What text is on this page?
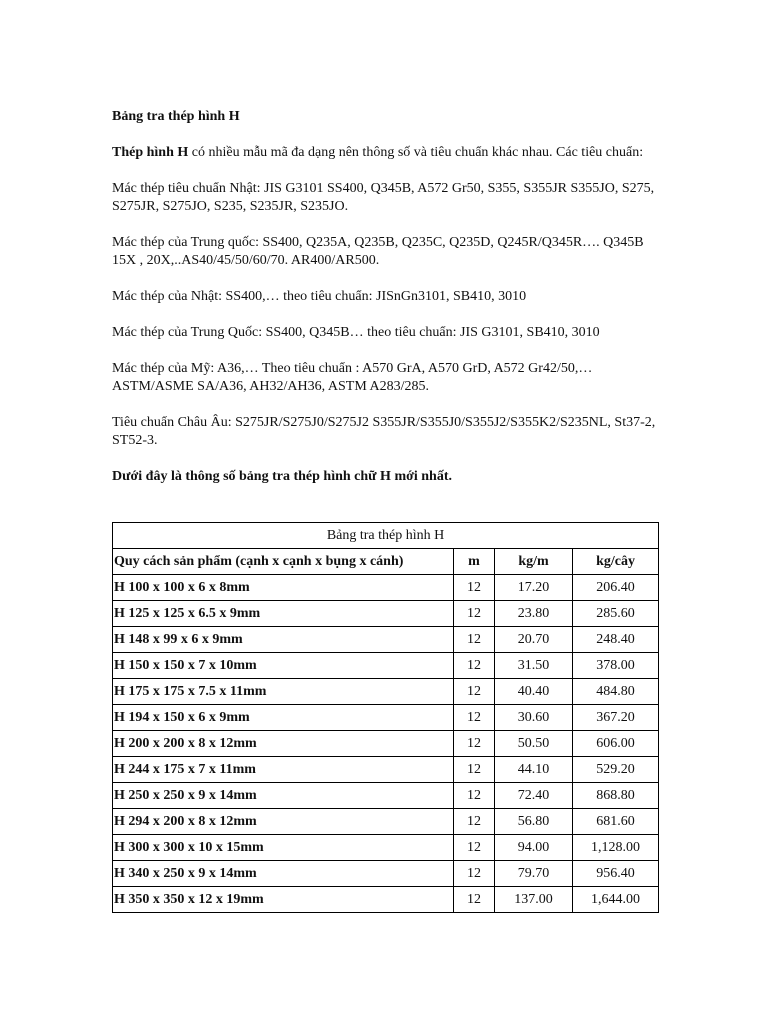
Bảng tra thép hình H

Thép hình H có nhiều mẫu mã đa dạng nên thông số và tiêu chuẩn khác nhau. Các tiêu chuẩn:

Mác thép tiêu chuẩn Nhật: JIS G3101 SS400, Q345B, A572 Gr50, S355, S355JR S355JO, S275, S275JR, S275JO, S235, S235JR, S235JO.

Mác thép của Trung quốc: SS400, Q235A, Q235B, Q235C, Q235D, Q245R/Q345R…. Q345B 15X , 20X,..AS40/45/50/60/70. AR400/AR500.

Mác thép của Nhật: SS400,… theo tiêu chuẩn: JISnGn3101, SB410, 3010

Mác thép của Trung Quốc: SS400, Q345B… theo tiêu chuẩn: JIS G3101, SB410, 3010

Mác thép của Mỹ: A36,… Theo tiêu chuẩn : A570 GrA, A570 GrD, A572 Gr42/50,… ASTM/ASME SA/A36, AH32/AH36, ASTM A283/285.

Tiêu chuẩn Châu Âu: S275JR/S275J0/S275J2 S355JR/S355J0/S355J2/S355K2/S235NL, St37-2, ST52-3.

Dưới đây là thông số bảng tra thép hình chữ H mới nhất.

Bảng tra thép hình H			
Quy cách sản phẩm (cạnh x cạnh x bụng x cánh)	m	kg/m	kg/cây
H 100 x 100 x 6 x 8mm	12	17.20	206.40
H 125 x 125 x 6.5 x 9mm	12	23.80	285.60
H 148 x 99 x 6 x 9mm	12	20.70	248.40
H 150 x 150 x 7 x 10mm	12	31.50	378.00
H 175 x 175 x 7.5 x 11mm	12	40.40	484.80
H 194 x 150 x 6 x 9mm	12	30.60	367.20
H 200 x 200 x 8 x 12mm	12	50.50	606.00
H 244 x 175 x 7 x 11mm	12	44.10	529.20
H 250 x 250 x 9 x 14mm	12	72.40	868.80
H 294 x 200 x 8 x 12mm	12	56.80	681.60
H 300 x 300 x 10 x 15mm	12	94.00	1,128.00
H 340 x 250 x 9 x 14mm	12	79.70	956.40
H 350 x 350 x 12 x 19mm	12	137.00	1,644.00
